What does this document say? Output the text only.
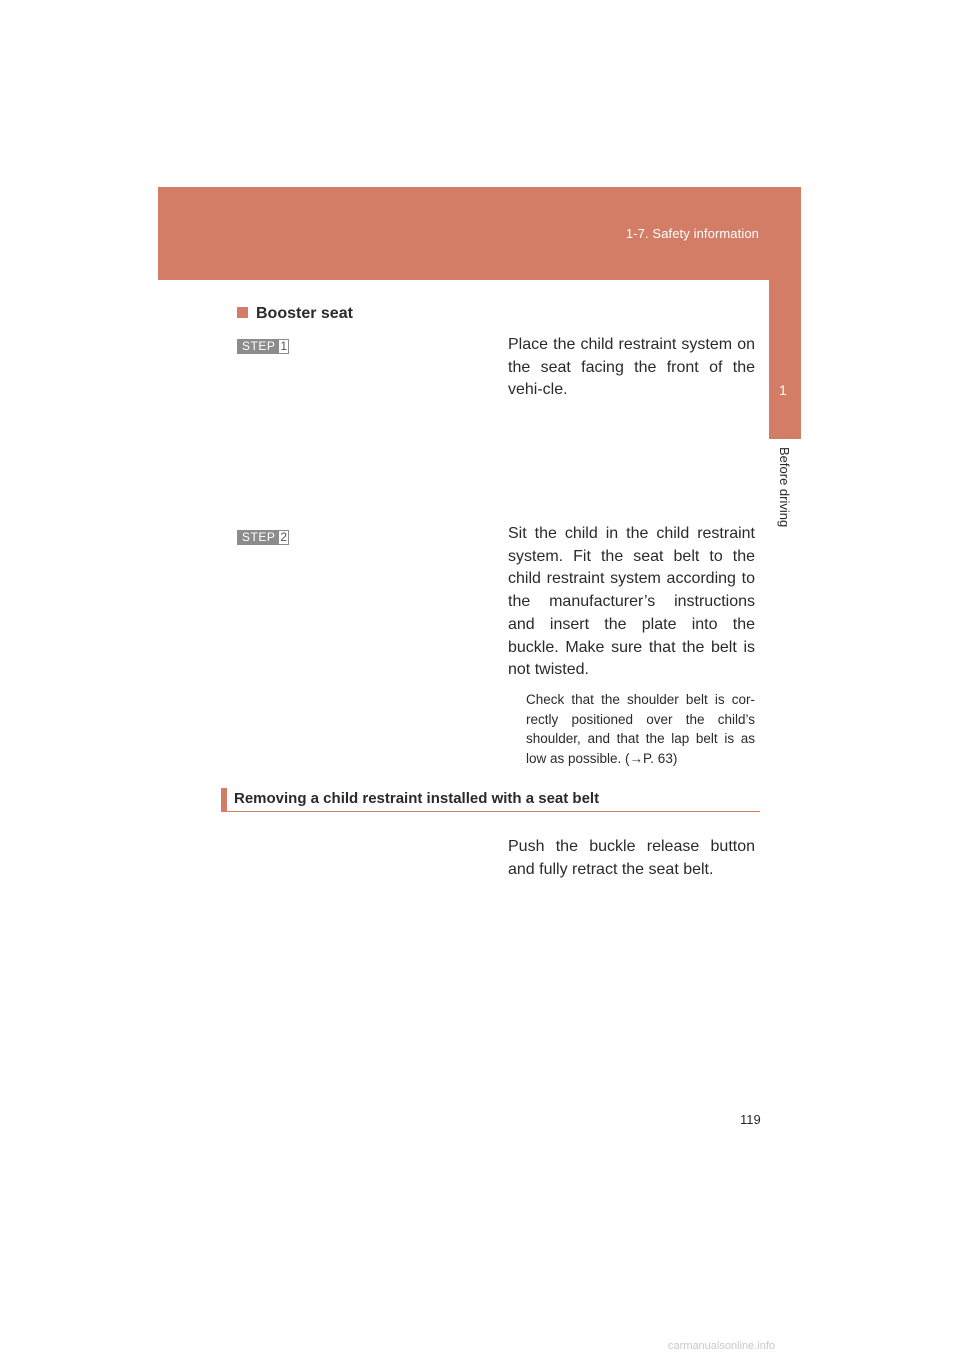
1-7. Safety information
1
Before driving
Booster seat
STEP 1	Place the child restraint system on the seat facing the front of the vehi-cle.

STEP 2	Sit the child in the child restraint system. Fit the seat belt to the child restraint system according to the manufacturer’s instructions and insert the plate into the buckle. Make sure that the belt is not twisted.

Check that the shoulder belt is cor-rectly positioned over the child’s shoulder, and that the lap belt is as low as possible. (→P. 63)

Removing a child restraint installed with a seat belt

Push the buckle release button and fully retract the seat belt.

119
carmanualsonline.info
